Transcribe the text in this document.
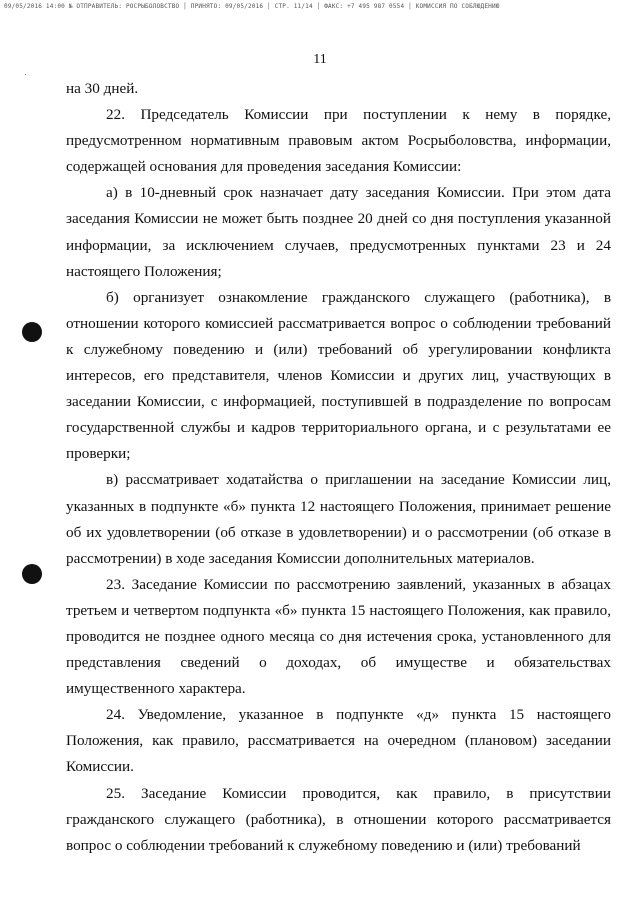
09/05/2016 14:00 № ОТПРАВИТЕЛЬ: РОСРЫБОЛОВСТВО │ ПРИНЯТО: 09/05/2016 │ СТР. 11/14 │ ФАКС: +7 495 987 0554 │ КОМИССИЯ ПО СОБЛЮДЕНИЮ
11

на 30 дней.

22. Председатель Комиссии при поступлении к нему в порядке, предусмотренном нормативным правовым актом Росрыболовства, информации, содержащей основания для проведения заседания Комиссии:

а) в 10-дневный срок назначает дату заседания Комиссии. При этом дата заседания Комиссии не может быть позднее 20 дней со дня поступления указанной информации, за исключением случаев, предусмотренных пунктами 23 и 24 настоящего Положения;

б) организует ознакомление гражданского служащего (работника), в отношении которого комиссией рассматривается вопрос о соблюдении требований к служебному поведению и (или) требований об урегулировании конфликта интересов, его представителя, членов Комиссии и других лиц, участвующих в заседании Комиссии, с информацией, поступившей в подразделение по вопросам государственной службы и кадров территориального органа, и с результатами ее проверки;

в) рассматривает ходатайства о приглашении на заседание Комиссии лиц, указанных в подпункте «б» пункта 12 настоящего Положения, принимает решение об их удовлетворении (об отказе в удовлетворении) и о рассмотрении (об отказе в рассмотрении) в ходе заседания Комиссии дополнительных материалов.

23. Заседание Комиссии по рассмотрению заявлений, указанных в абзацах третьем и четвертом подпункта «б» пункта 15 настоящего Положения, как правило, проводится не позднее одного месяца со дня истечения срока, установленного для представления сведений о доходах, об имуществе и обязательствах имущественного характера.

24. Уведомление, указанное в подпункте «д» пункта 15 настоящего Положения, как правило, рассматривается на очередном (плановом) заседании Комиссии.

25. Заседание Комиссии проводится, как правило, в присутствии гражданского служащего (работника), в отношении которого рассматривается вопрос о соблюдении требований к служебному поведению и (или) требований
